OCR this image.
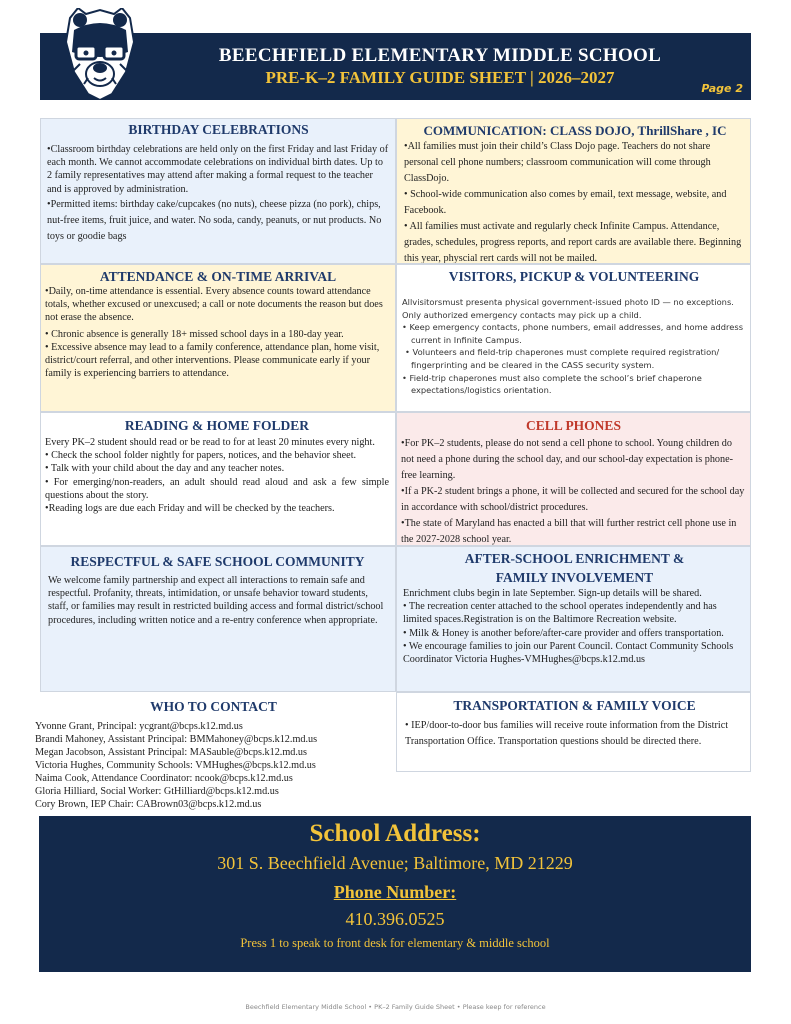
BEECHFIELD ELEMENTARY MIDDLE SCHOOL
PRE-K–2 FAMILY GUIDE SHEET | 2026–2027
Page 2
BIRTHDAY CELEBRATIONS

•Classroom birthday celebrations are held only on the first Friday and last Friday of each month. We cannot accommodate celebrations on individual birth dates. Up to 2 family representatives may attend after making a formal request to the teacher and is approved by administration.

•Permitted items: birthday cake/cupcakes (no nuts), cheese pizza (no pork), chips, nut-free items, fruit juice, and water. No soda, candy, peanuts, or nut products. No toys or goodie bags

COMMUNICATION: CLASS DOJO, ThrillShare , IC

•All families must join their child’s Class Dojo page. Teachers do not share personal cell phone numbers; classroom communication will come through ClassDojo.

• School-wide communication also comes by email, text message, website, and Facebook.

• All families must activate and regularly check Infinite Campus. Attendance, grades, schedules, progress reports, and report cards are available there. Beginning this year, physcial rert cards will not be mailed.

ATTENDANCE & ON-TIME ARRIVAL

•Daily, on-time attendance is essential. Every absence counts toward attendance totals, whether excused or unexcused; a call or note documents the reason but does not erase the absence.

• Chronic absence is generally 18+ missed school days in a 180-day year.

• Excessive absence may lead to a family conference, attendance plan, home visit, district/court referral, and other interventions. Please communicate early if your family is experiencing barriers to attendance.

VISITORS, PICKUP & VOLUNTEERING

Allvisitorsmust presenta physical government-issued photo ID — no exceptions.

Only authorized emergency contacts may pick up a child.

• Keep emergency contacts, phone numbers, email addresses, and home address current in Infinite Campus.

• Volunteers and field-trip chaperones must complete required registration/ fingerprinting and be cleared in the CASS security system.

• Field-trip chaperones must also complete the school’s brief chaperone expectations/logistics orientation.

READING & HOME FOLDER

Every PK–2 student should read or be read to for at least 20 minutes every night.

• Check the school folder nightly for papers, notices, and the behavior sheet.

• Talk with your child about the day and any teacher notes.

• For emerging/non-readers, an adult should read aloud and ask a few simple questions about the story.

•Reading logs are due each Friday and will be checked by the teachers.

CELL PHONES

•For PK–2 students, please do not send a cell phone to school. Young children do not need a phone during the school day, and our school-day expectation is phone- free learning.

•If a PK-2 student brings a phone, it will be collected and secured for the school day in accordance with school/district procedures.

•The state of Maryland has enacted a bill that will further restrict cell phone use in the 2027-2028 school year.

RESPECTFUL & SAFE SCHOOL COMMUNITY

We welcome family partnership and expect all interactions to remain safe and respectful. Profanity, threats, intimidation, or unsafe behavior toward students, staff, or families may result in restricted building access and formal district/school procedures, including written notice and a re-entry conference when appropriate.

AFTER-SCHOOL ENRICHMENT &
FAMILY INVOLVEMENT

Enrichment clubs begin in late September. Sign-up details will be shared.

• The recreation center attached to the school operates independently and has limited spaces.Registration is on the Baltimore Recreation website.

• Milk & Honey is another before/after-care provider and offers transportation.

• We encourage families to join our Parent Council. Contact Community Schools Coordinator Victoria Hughes-VMHughes@bcps.k12.md.us

WHO TO CONTACT

Yvonne Grant, Principal: ycgrant@bcps.k12.md.us

Brandi Mahoney, Assistant Principal: BMMahoney@bcps.k12.md.us

Megan Jacobson, Assistant Principal: MASauble@bcps.k12.md.us

Victoria Hughes, Community Schools: VMHughes@bcps.k12.md.us

Naima Cook, Attendance Coordinator: ncook@bcps.k12.md.us

Gloria Hilliard, Social Worker: GtHilliard@bcps.k12.md.us

Cory Brown, IEP Chair: CABrown03@bcps.k12.md.us

TRANSPORTATION & FAMILY VOICE

• IEP/door-to-door bus families will receive route information from the District Transportation Office. Transportation questions should be directed there.

School Address:
301 S. Beechfield Avenue; Baltimore, MD 21229
Phone Number:
410.396.0525
Press 1 to speak to front desk for elementary & middle school
Beechfield Elementary Middle School • PK–2 Family Guide Sheet • Please keep for reference
